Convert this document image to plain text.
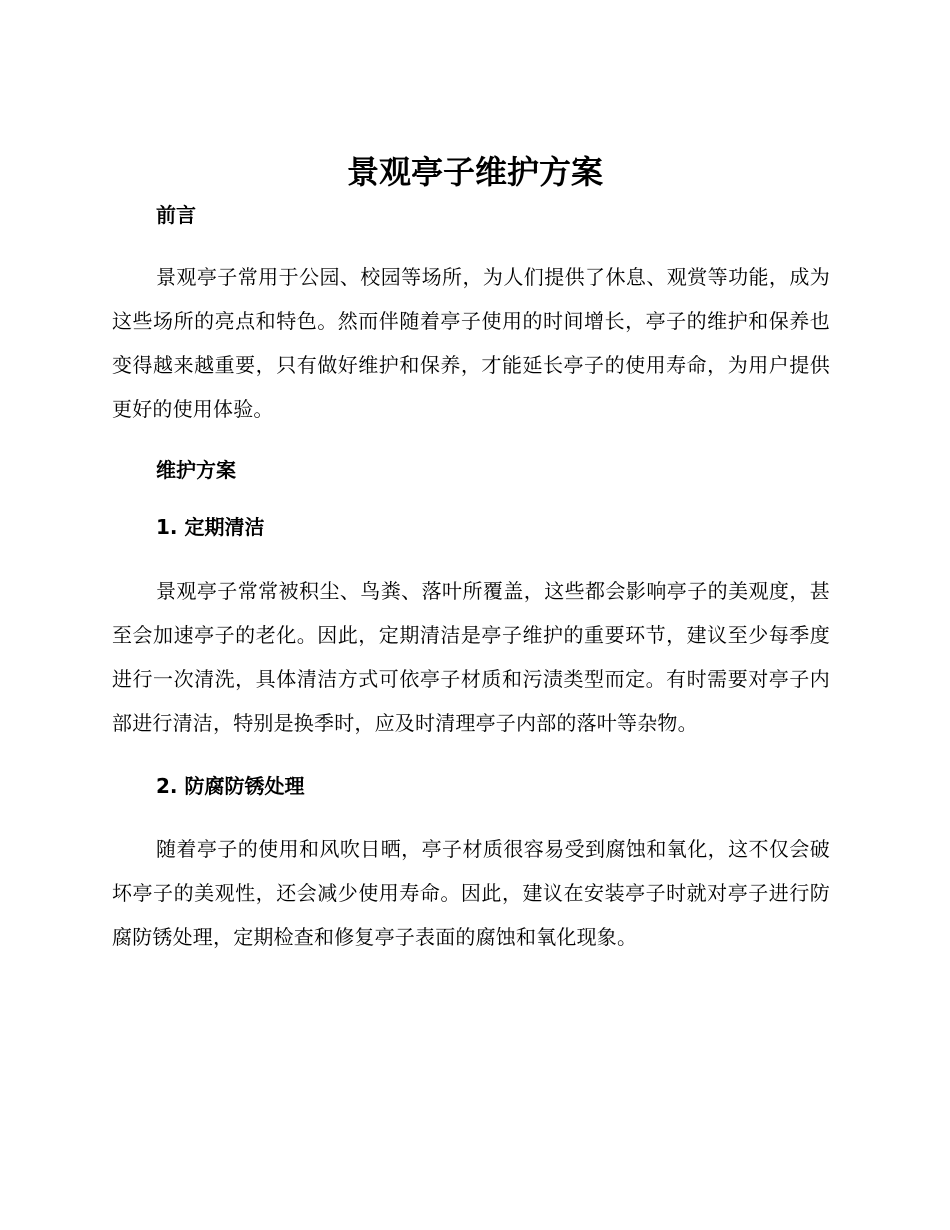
景观亭子维护方案
前言

景观亭子常用于公园、校园等场所，为人们提供了休息、观赏等功能，成为这些场所的亮点和特色。然而伴随着亭子使用的时间增长，亭子的维护和保养也变得越来越重要，只有做好维护和保养，才能延长亭子的使用寿命，为用户提供更好的使用体验。

维护方案
1. 定期清洁

景观亭子常常被积尘、鸟粪、落叶所覆盖，这些都会影响亭子的美观度，甚至会加速亭子的老化。因此，定期清洁是亭子维护的重要环节，建议至少每季度进行一次清洗，具体清洁方式可依亭子材质和污渍类型而定。有时需要对亭子内部进行清洁，特别是换季时，应及时清理亭子内部的落叶等杂物。

2. 防腐防锈处理

随着亭子的使用和风吹日晒，亭子材质很容易受到腐蚀和氧化，这不仅会破坏亭子的美观性，还会减少使用寿命。因此，建议在安装亭子时就对亭子进行防腐防锈处理，定期检查和修复亭子表面的腐蚀和氧化现象。
